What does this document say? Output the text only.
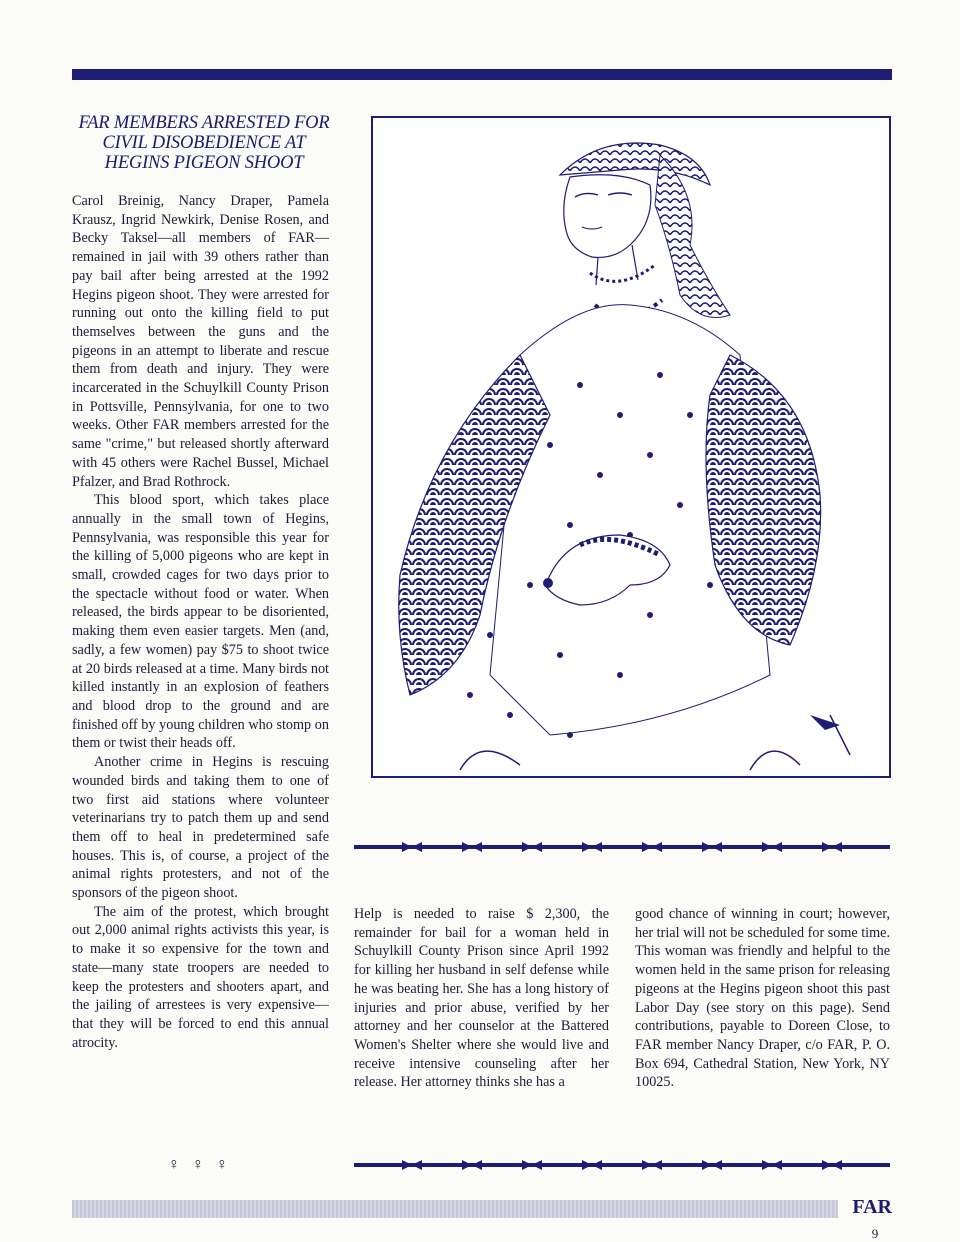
FAR MEMBERS ARRESTED FOR CIVIL DISOBEDIENCE AT HEGINS PIGEON SHOOT

Carol Breinig, Nancy Draper, Pamela Krausz, Ingrid Newkirk, Denise Rosen, and Becky Taksel—all members of FAR—remained in jail with 39 others rather than pay bail after being arrested at the 1992 Hegins pigeon shoot. They were arrested for running out onto the killing field to put themselves between the guns and the pigeons in an attempt to liberate and rescue them from death and injury. They were incarcerated in the Schuylkill County Prison in Pottsville, Pennsylvania, for one to two weeks. Other FAR members arrested for the same "crime," but released shortly afterward with 45 others were Rachel Bussel, Michael Pfalzer, and Brad Rothrock.

This blood sport, which takes place annually in the small town of Hegins, Pennsylvania, was responsible this year for the killing of 5,000 pigeons who are kept in small, crowded cages for two days prior to the spectacle without food or water. When released, the birds appear to be disoriented, making them even easier targets. Men (and, sadly, a few women) pay $75 to shoot twice at 20 birds released at a time. Many birds not killed instantly in an explosion of feathers and blood drop to the ground and are finished off by young children who stomp on them or twist their heads off.

Another crime in Hegins is rescuing wounded birds and taking them to one of two first aid stations where volunteer veterinarians try to patch them up and send them off to heal in predetermined safe houses. This is, of course, a project of the animal rights protesters, and not of the sponsors of the pigeon shoot.

The aim of the protest, which brought out 2,000 animal rights activists this year, is to make it so expensive for the town and state—many state troopers are needed to keep the protesters and shooters apart, and the jailing of arrestees is very expensive—that they will be forced to end this annual atrocity.

♀ ♀ ♀

Help is needed to raise $ 2,300, the remainder for bail for a woman held in Schuylkill County Prison since April 1992 for killing her husband in self defense while he was beating her. She has a long history of injuries and prior abuse, verified by her attorney and her counselor at the Battered Women's Shelter where she would live and receive intensive counseling after her release. Her attorney thinks she has a

good chance of winning in court; however, her trial will not be scheduled for some time. This woman was friendly and helpful to the women held in the same prison for releasing pigeons at the Hegins pigeon shoot this past Labor Day (see story on this page). Send contributions, payable to Doreen Close, to FAR member Nancy Draper, c/o FAR, P. O. Box 694, Cathedral Station, New York, NY 10025.

FAR
9
